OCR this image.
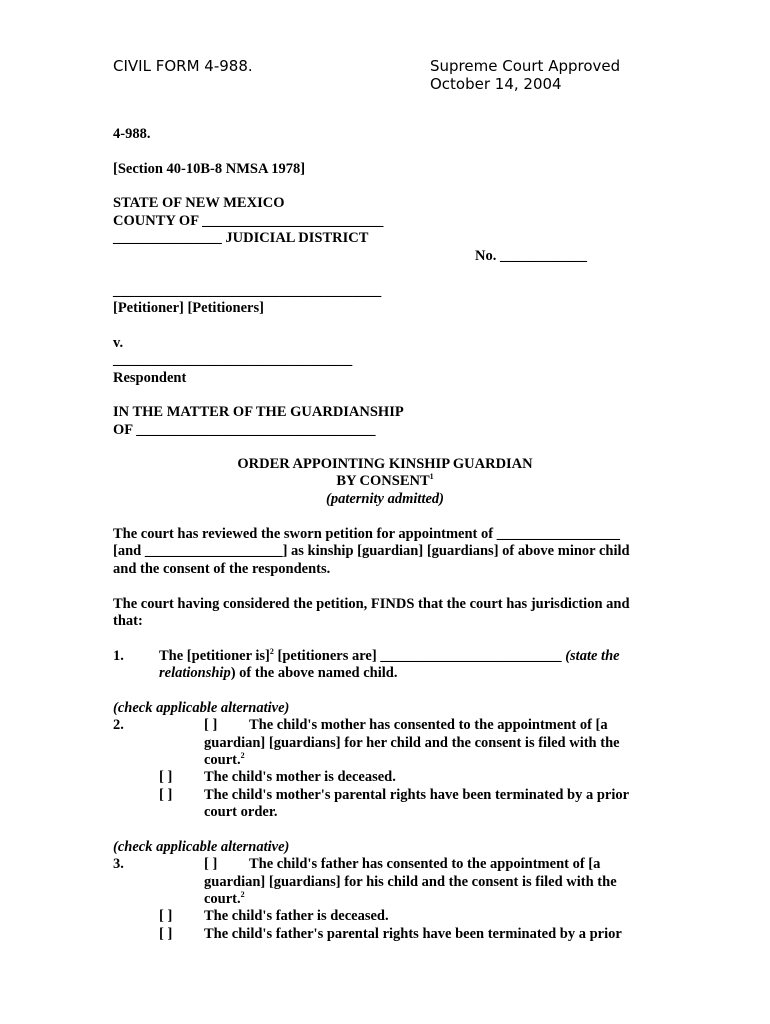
CIVIL FORM 4-988.	Supreme Court Approved
October 14, 2004
4-988.
[Section 40-10B-8 NMSA 1978]
STATE OF NEW MEXICO
COUNTY OF _________________________
_______________ JUDICIAL DISTRICT
No. ____________
_____________________________________
[Petitioner] [Petitioners]
v.
_________________________________
Respondent
IN THE MATTER OF THE GUARDIANSHIP
OF _________________________________
ORDER APPOINTING KINSHIP GUARDIAN
BY CONSENT$^1$
(paternity admitted)
The court has reviewed the sworn petition for appointment of _________________
[and ___________________] as kinship [guardian] [guardians] of above minor child
and the consent of the respondents.
The court having considered the petition, FINDS that the court has jurisdiction and
that:
1. The [petitioner is]$^2$ [petitioners are] _________________________ (state the
relationship) of the above named child.
(check applicable alternative)
2.	[ ] The child's mother has consented to the appointment of [a
guardian] [guardians] for her child and the consent is filed with the
court.$^2$
[ ] The child's mother is deceased.
[ ] The child's mother's parental rights have been terminated by a prior
court order.
(check applicable alternative)
3.	[ ] The child's father has consented to the appointment of [a
guardian] [guardians] for his child and the consent is filed with the
court.$^2$
[ ] The child's father is deceased.
[ ] The child's father's parental rights have been terminated by a prior
